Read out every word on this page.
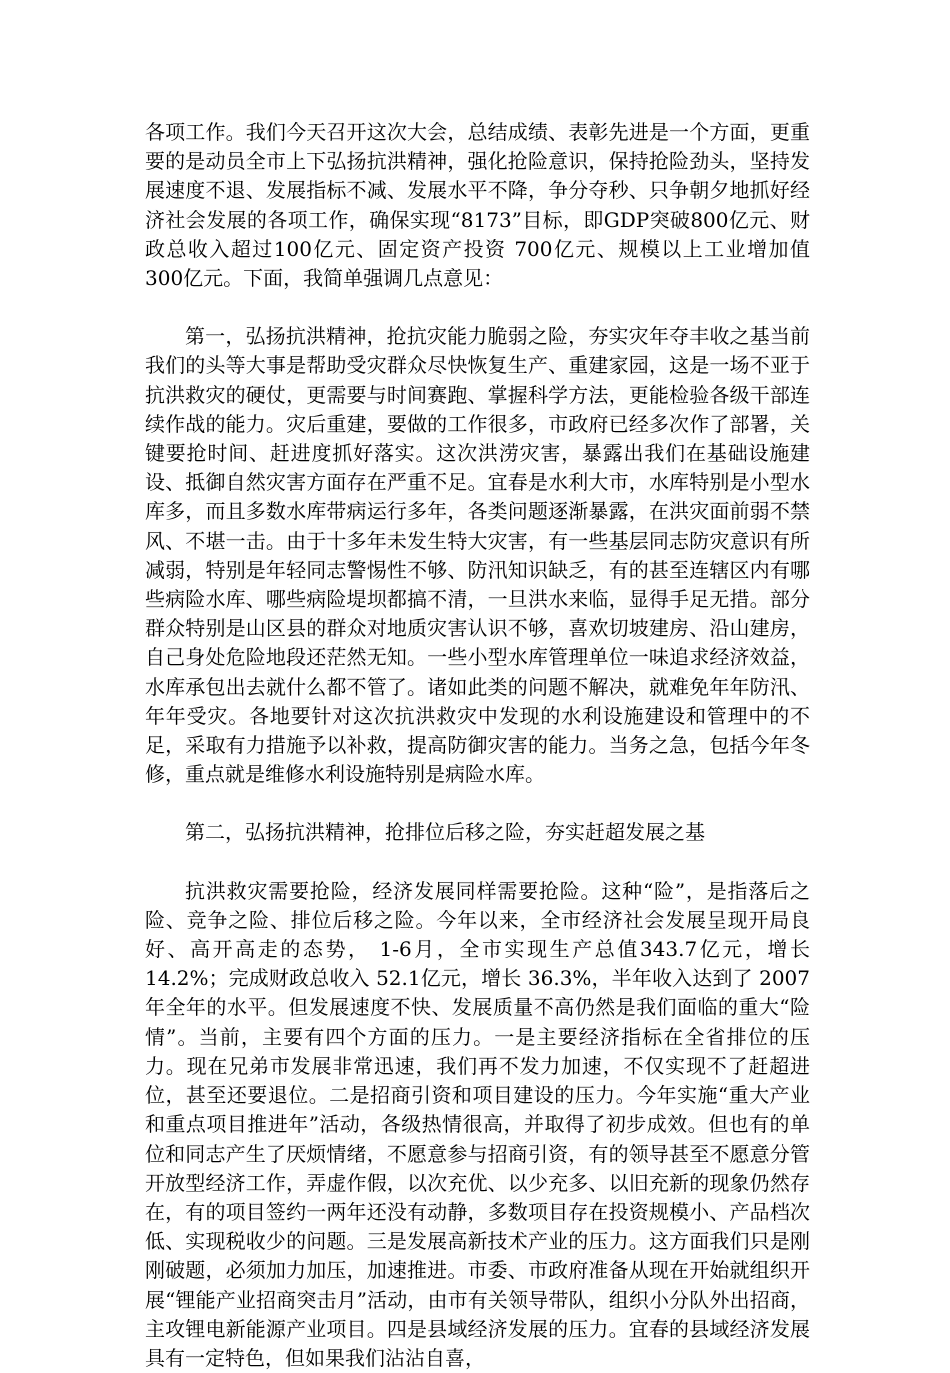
各项工作。我们今天召开这次大会，总结成绩、表彰先进是一个方面，更重要的是动员全市上下弘扬抗洪精神，强化抢险意识，保持抢险劲头，坚持发展速度不退、发展指标不减、发展水平不降，争分夺秒、只争朝夕地抓好经济社会发展的各项工作，确保实现“8173”目标，即GDP突破800亿元、财政总收入超过100亿元、固定资产投资 700亿元、规模以上工业增加值 300亿元。下面，我简单强调几点意见：

第一，弘扬抗洪精神，抢抗灾能力脆弱之险，夯实灾年夺丰收之基当前我们的头等大事是帮助受灾群众尽快恢复生产、重建家园，这是一场不亚于抗洪救灾的硬仗，更需要与时间赛跑、掌握科学方法，更能检验各级干部连续作战的能力。灾后重建，要做的工作很多，市政府已经多次作了部署，关键要抢时间、赶进度抓好落实。这次洪涝灾害，暴露出我们在基础设施建设、抵御自然灾害方面存在严重不足。宜春是水利大市，水库特别是小型水库多，而且多数水库带病运行多年，各类问题逐渐暴露，在洪灾面前弱不禁风、不堪一击。由于十多年未发生特大灾害，有一些基层同志防灾意识有所减弱，特别是年轻同志警惕性不够、防汛知识缺乏，有的甚至连辖区内有哪些病险水库、哪些病险堤坝都搞不清，一旦洪水来临，显得手足无措。部分群众特别是山区县的群众对地质灾害认识不够，喜欢切坡建房、沿山建房，自己身处危险地段还茫然无知。一些小型水库管理单位一味追求经济效益，水库承包出去就什么都不管了。诸如此类的问题不解决，就难免年年防汛、年年受灾。各地要针对这次抗洪救灾中发现的水利设施建设和管理中的不足，采取有力措施予以补救，提高防御灾害的能力。当务之急，包括今年冬修，重点就是维修水利设施特别是病险水库。

第二，弘扬抗洪精神，抢排位后移之险，夯实赶超发展之基

抗洪救灾需要抢险，经济发展同样需要抢险。这种“险”，是指落后之险、竞争之险、排位后移之险。今年以来，全市经济社会发展呈现开局良好、高开高走的态势， 1-6月，全市实现生产总值343.7亿元，增长14.2%；完成财政总收入 52.1亿元，增长 36.3%，半年收入达到了 2007年全年的水平。但发展速度不快、发展质量不高仍然是我们面临的重大“险情”。当前，主要有四个方面的压力。一是主要经济指标在全省排位的压力。现在兄弟市发展非常迅速，我们再不发力加速，不仅实现不了赶超进位，甚至还要退位。二是招商引资和项目建设的压力。今年实施“重大产业和重点项目推进年”活动，各级热情很高，并取得了初步成效。但也有的单位和同志产生了厌烦情绪，不愿意参与招商引资，有的领导甚至不愿意分管开放型经济工作，弄虚作假，以次充优、以少充多、以旧充新的现象仍然存在，有的项目签约一两年还没有动静，多数项目存在投资规模小、产品档次低、实现税收少的问题。三是发展高新技术产业的压力。这方面我们只是刚刚破题，必须加力加压，加速推进。市委、市政府准备从现在开始就组织开展“锂能产业招商突击月”活动，由市有关领导带队，组织小分队外出招商，主攻锂电新能源产业项目。四是县域经济发展的压力。宜春的县域经济发展具有一定特色，但如果我们沾沾自喜，
